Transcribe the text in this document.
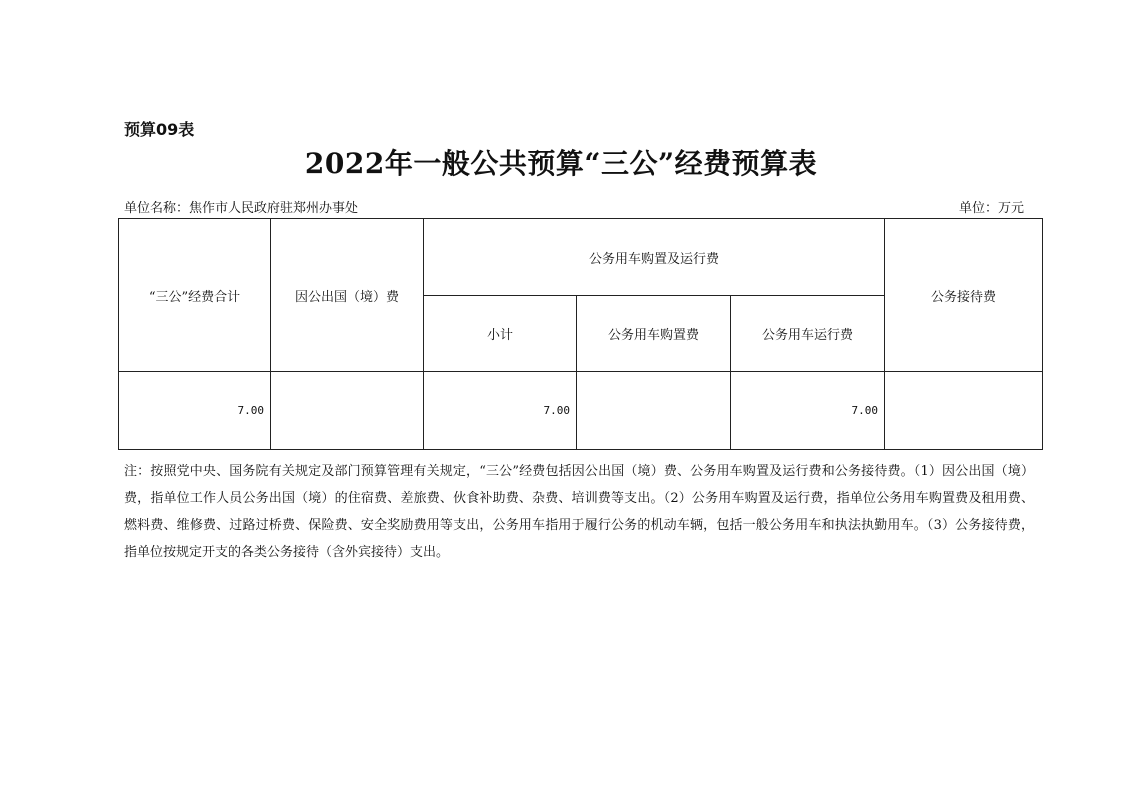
预算09表
2022年一般公共预算“三公”经费预算表
单位名称：焦作市人民政府驻郑州办事处	单位：万元
“三公”经费合计	因公出国（境）费	公务用车购置及运行费			公务接待费
		小计	公务用车购置费	公务用车运行费	
7.00		7.00		7.00	
注：按照党中央、国务院有关规定及部门预算管理有关规定，“三公”经费包括因公出国（境）费、公务用车购置及运行费和公务接待费。（1）因公出国（境）费，指单位工作人员公务出国（境）的住宿费、差旅费、伙食补助费、杂费、培训费等支出。（2）公务用车购置及运行费，指单位公务用车购置费及租用费、燃料费、维修费、过路过桥费、保险费、安全奖励费用等支出，公务用车指用于履行公务的机动车辆，包括一般公务用车和执法执勤用车。（3）公务接待费，指单位按规定开支的各类公务接待（含外宾接待）支出。
